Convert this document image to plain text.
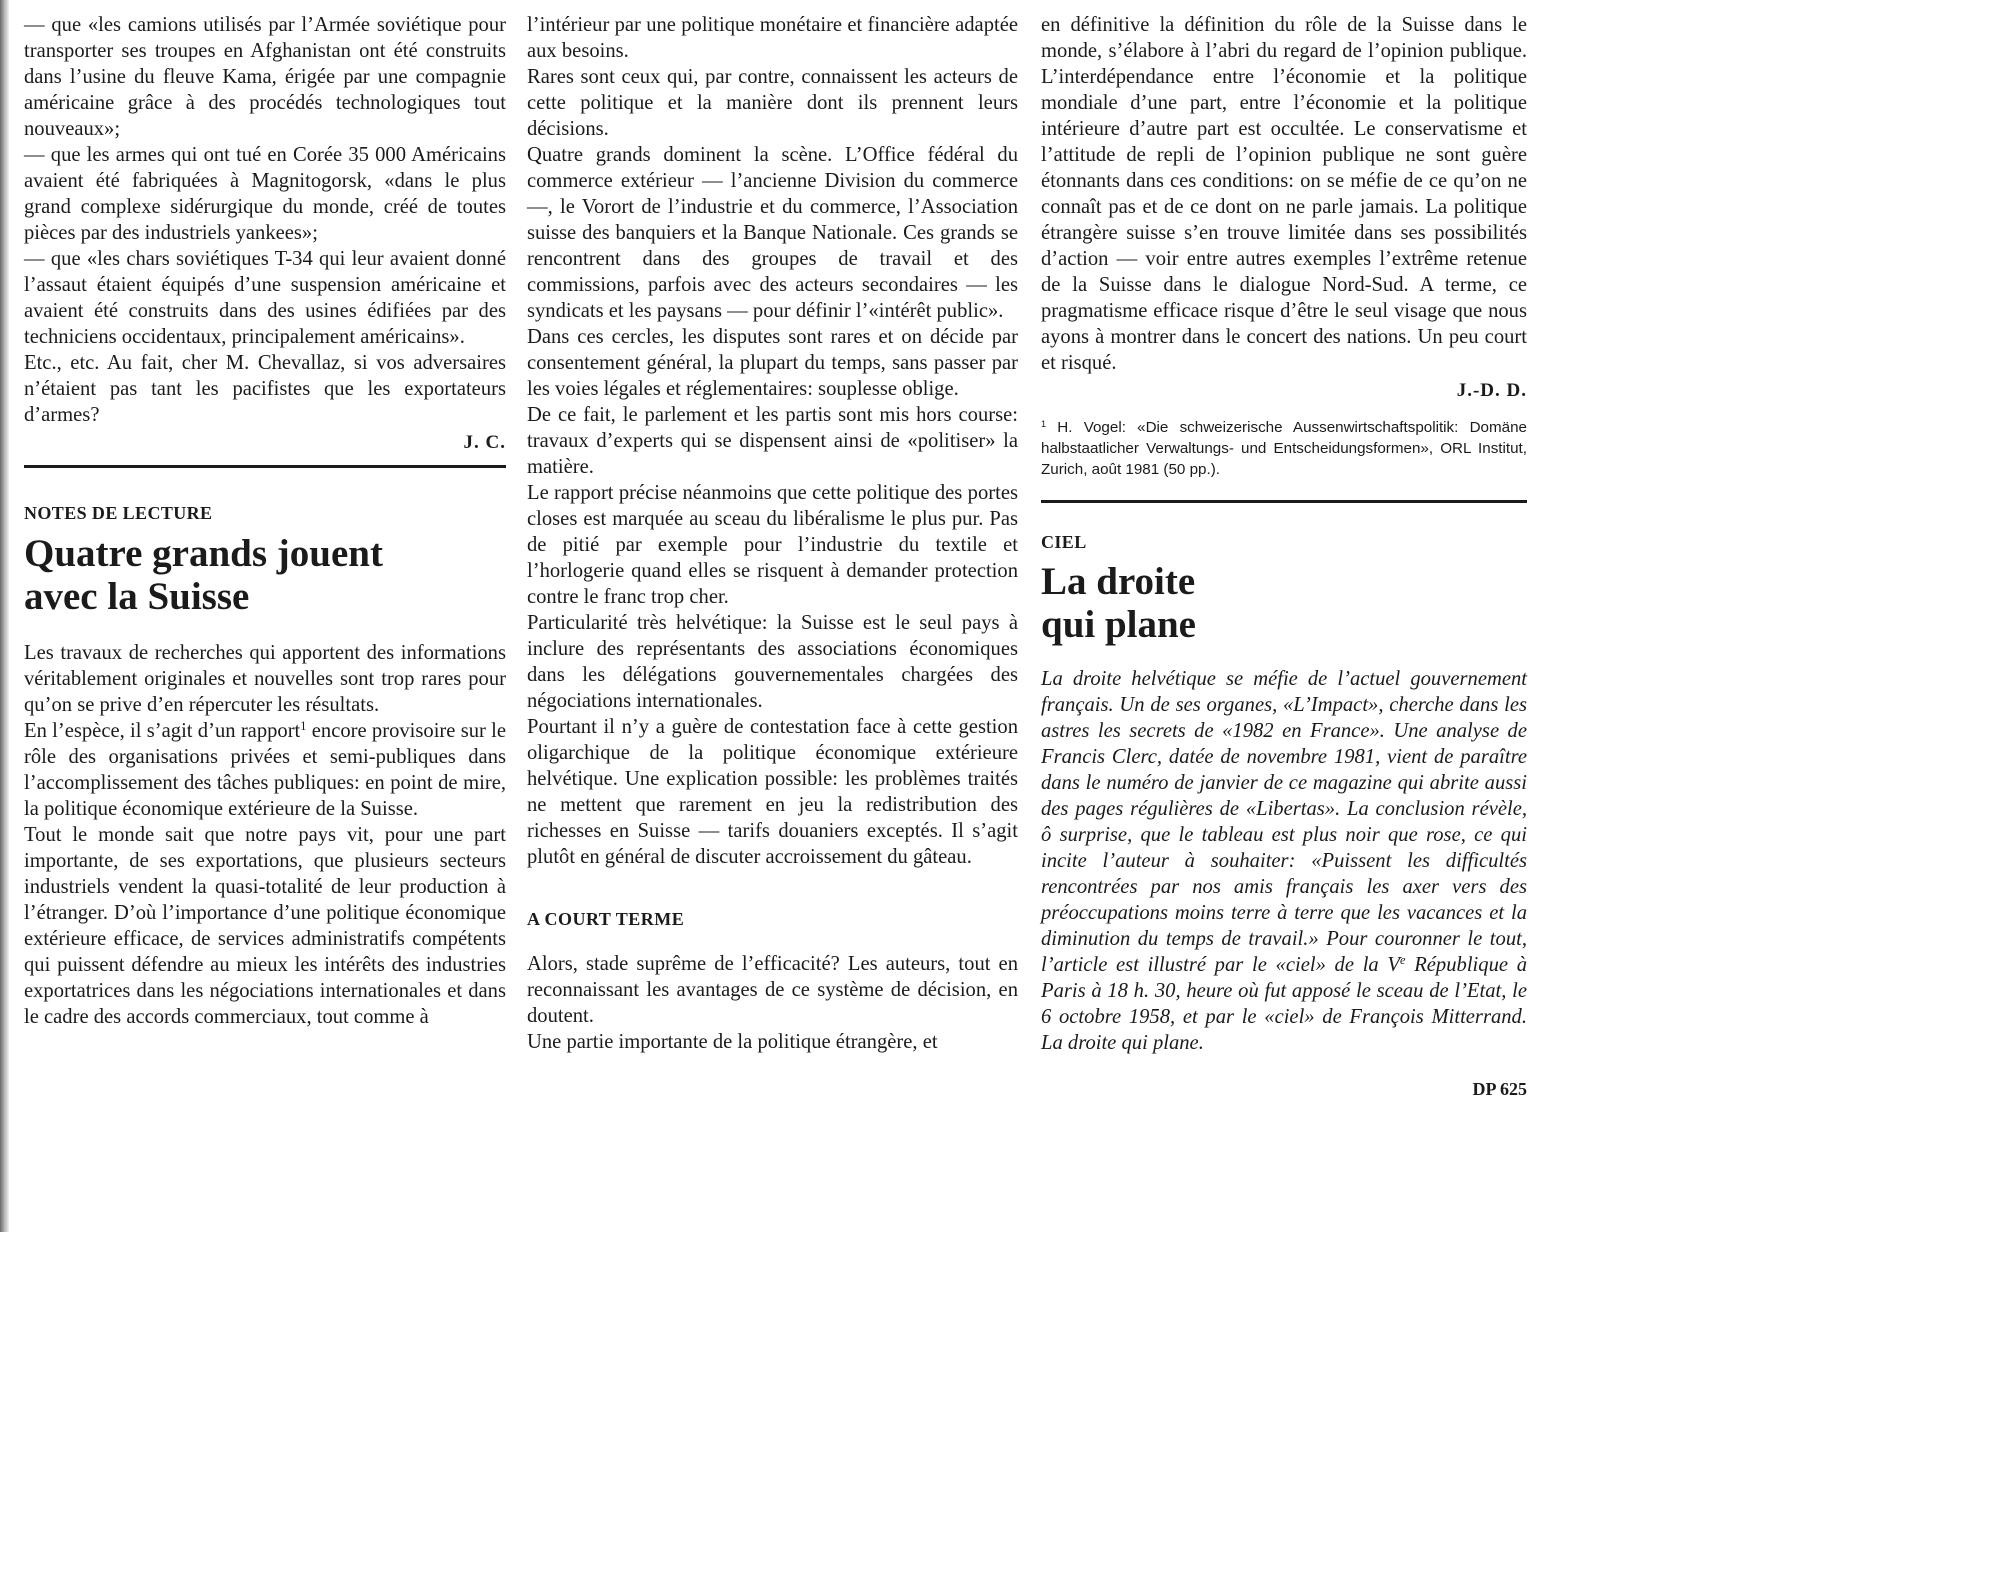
— que «les camions utilisés par l’Armée soviétique pour transporter ses troupes en Afghanistan ont été construits dans l’usine du fleuve Kama, érigée par une compagnie américaine grâce à des procédés technologiques tout nouveaux»;

— que les armes qui ont tué en Corée 35 000 Américains avaient été fabriquées à Magnitogorsk, «dans le plus grand complexe sidérurgique du monde, créé de toutes pièces par des industriels yankees»;

— que «les chars soviétiques T-34 qui leur avaient donné l’assaut étaient équipés d’une suspension américaine et avaient été construits dans des usines édifiées par des techniciens occidentaux, principalement américains».

Etc., etc. Au fait, cher M. Chevallaz, si vos adversaires n’étaient pas tant les pacifistes que les exportateurs d’armes?

J. C.

NOTES DE LECTURE

Quatre grands jouent
avec la Suisse

Les travaux de recherches qui apportent des informations véritablement originales et nouvelles sont trop rares pour qu’on se prive d’en répercuter les résultats.

En l’espèce, il s’agit d’un rapport$^1$ encore provisoire sur le rôle des organisations privées et semi-publiques dans l’accomplissement des tâches publiques: en point de mire, la politique économique extérieure de la Suisse.

Tout le monde sait que notre pays vit, pour une part importante, de ses exportations, que plusieurs secteurs industriels vendent la quasi-totalité de leur production à l’étranger. D’où l’importance d’une politique économique extérieure efficace, de services administratifs compétents qui puissent défendre au mieux les intérêts des industries exportatrices dans les négociations internationales et dans le cadre des accords commerciaux, tout comme à

l’intérieur par une politique monétaire et financière adaptée aux besoins.

Rares sont ceux qui, par contre, connaissent les acteurs de cette politique et la manière dont ils prennent leurs décisions.

Quatre grands dominent la scène. L’Office fédéral du commerce extérieur — l’ancienne Division du commerce —, le Vorort de l’industrie et du commerce, l’Association suisse des banquiers et la Banque Nationale. Ces grands se rencontrent dans des groupes de travail et des commissions, parfois avec des acteurs secondaires — les syndicats et les paysans — pour définir l’«intérêt public».

Dans ces cercles, les disputes sont rares et on décide par consentement général, la plupart du temps, sans passer par les voies légales et réglementaires: souplesse oblige.

De ce fait, le parlement et les partis sont mis hors course: travaux d’experts qui se dispensent ainsi de «politiser» la matière.

Le rapport précise néanmoins que cette politique des portes closes est marquée au sceau du libéralisme le plus pur. Pas de pitié par exemple pour l’industrie du textile et l’horlogerie quand elles se risquent à demander protection contre le franc trop cher.

Particularité très helvétique: la Suisse est le seul pays à inclure des représentants des associations économiques dans les délégations gouvernementales chargées des négociations internationales.

Pourtant il n’y a guère de contestation face à cette gestion oligarchique de la politique économique extérieure helvétique. Une explication possible: les problèmes traités ne mettent que rarement en jeu la redistribution des richesses en Suisse — tarifs douaniers exceptés. Il s’agit plutôt en général de discuter accroissement du gâteau.

A COURT TERME

Alors, stade suprême de l’efficacité? Les auteurs, tout en reconnaissant les avantages de ce système de décision, en doutent.

Une partie importante de la politique étrangère, et

en définitive la définition du rôle de la Suisse dans le monde, s’élabore à l’abri du regard de l’opinion publique. L’interdépendance entre l’économie et la politique mondiale d’une part, entre l’économie et la politique intérieure d’autre part est occultée. Le conservatisme et l’attitude de repli de l’opinion publique ne sont guère étonnants dans ces conditions: on se méfie de ce qu’on ne connaît pas et de ce dont on ne parle jamais. La politique étrangère suisse s’en trouve limitée dans ses possibilités d’action — voir entre autres exemples l’extrême retenue de la Suisse dans le dialogue Nord-Sud. A terme, ce pragmatisme efficace risque d’être le seul visage que nous ayons à montrer dans le concert des nations. Un peu court et risqué.

J.-D. D.

$^1$ H. Vogel: «Die schweizerische Aussenwirtschaftspolitik: Domäne halbstaatlicher Verwaltungs- und Entscheidungsformen», ORL Institut, Zurich, août 1981 (50 pp.).

CIEL

La droite
qui plane

La droite helvétique se méfie de l’actuel gouvernement français. Un de ses organes, «L’Impact», cherche dans les astres les secrets de «1982 en France». Une analyse de Francis Clerc, datée de novembre 1981, vient de paraître dans le numéro de janvier de ce magazine qui abrite aussi des pages régulières de «Libertas». La conclusion révèle, ô surprise, que le tableau est plus noir que rose, ce qui incite l’auteur à souhaiter: «Puissent les difficultés rencontrées par nos amis français les axer vers des préoccupations moins terre à terre que les vacances et la diminution du temps de travail.» Pour couronner le tout, l’article est illustré par le «ciel» de la Ve République à Paris à 18 h. 30, heure où fut apposé le sceau de l’Etat, le 6 octobre 1958, et par le «ciel» de François Mitterrand. La droite qui plane.

DP 625
